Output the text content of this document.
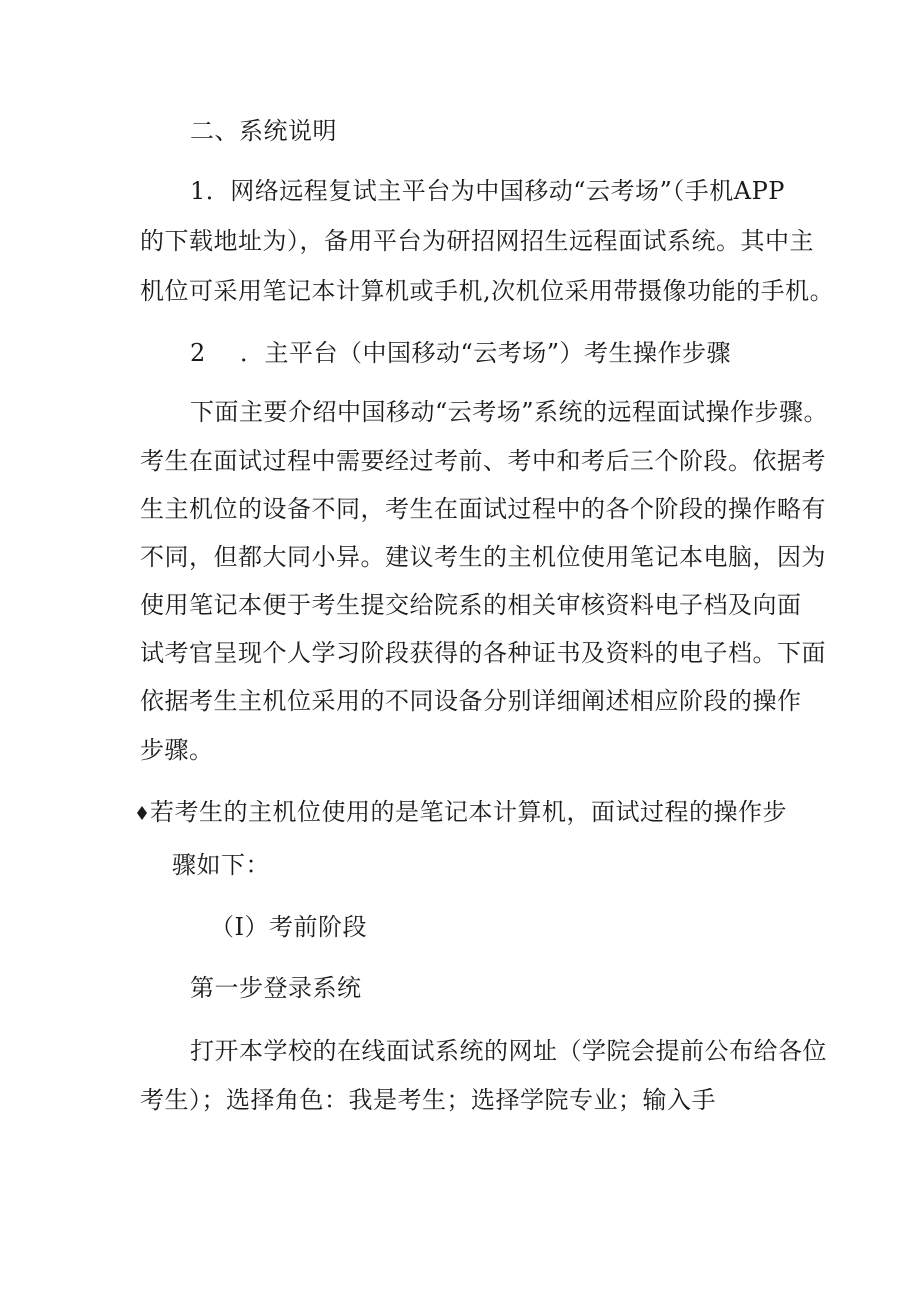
二、系统说明
1．网络远程复试主平台为中国移动“云考场”（手机APP
的下载地址为），备用平台为研招网招生远程面试系统。其中主
机位可采用笔记本计算机或手机,次机位采用带摄像功能的手机。
2 ．主平台（中国移动“云考场”）考生操作步骤
下面主要介绍中国移动“云考场”系统的远程面试操作步骤。
考生在面试过程中需要经过考前、考中和考后三个阶段。依据考
生主机位的设备不同，考生在面试过程中的各个阶段的操作略有
不同，但都大同小异。建议考生的主机位使用笔记本电脑，因为
使用笔记本便于考生提交给院系的相关审核资料电子档及向面
试考官呈现个人学习阶段获得的各种证书及资料的电子档。下面
依据考生主机位采用的不同设备分别详细阐述相应阶段的操作
步骤。
若考生的主机位使用的是笔记本计算机，面试过程的操作步
骤如下：
（I）考前阶段
第一步登录系统
打开本学校的在线面试系统的网址（学院会提前公布给各位
考生）；选择角色：我是考生；选择学院专业；输入手
